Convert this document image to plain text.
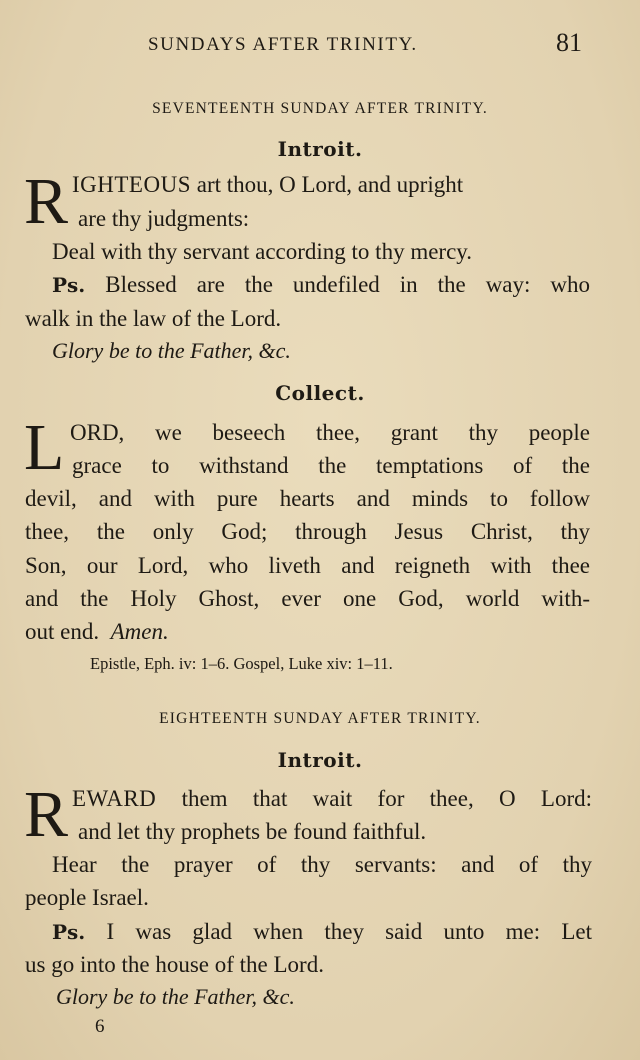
SUNDAYS AFTER TRINITY.	81
SEVENTEENTH SUNDAY AFTER TRINITY.
Introit.
R IGHTEOUS art thou, O Lord, and upright
are thy judgments:
Deal with thy servant according to thy mercy.
Ps. Blessed are the undefiled in the way: who
walk in the law of the Lord.
Glory be to the Father, &c.
Collect.
L ORD, we beseech thee, grant thy people
grace to withstand the temptations of the
devil, and with pure hearts and minds to follow
thee, the only God; through Jesus Christ, thy
Son, our Lord, who liveth and reigneth with thee
and the Holy Ghost, ever one God, world with-
out end. Amen.
Epistle, Eph. iv: 1–6. Gospel, Luke xiv: 1–11.
EIGHTEENTH SUNDAY AFTER TRINITY.
Introit.
R EWARD them that wait for thee, O Lord:
and let thy prophets be found faithful.
Hear the prayer of thy servants: and of thy
people Israel.
Ps. I was glad when they said unto me: Let
us go into the house of the Lord.
Glory be to the Father, &c.
6
